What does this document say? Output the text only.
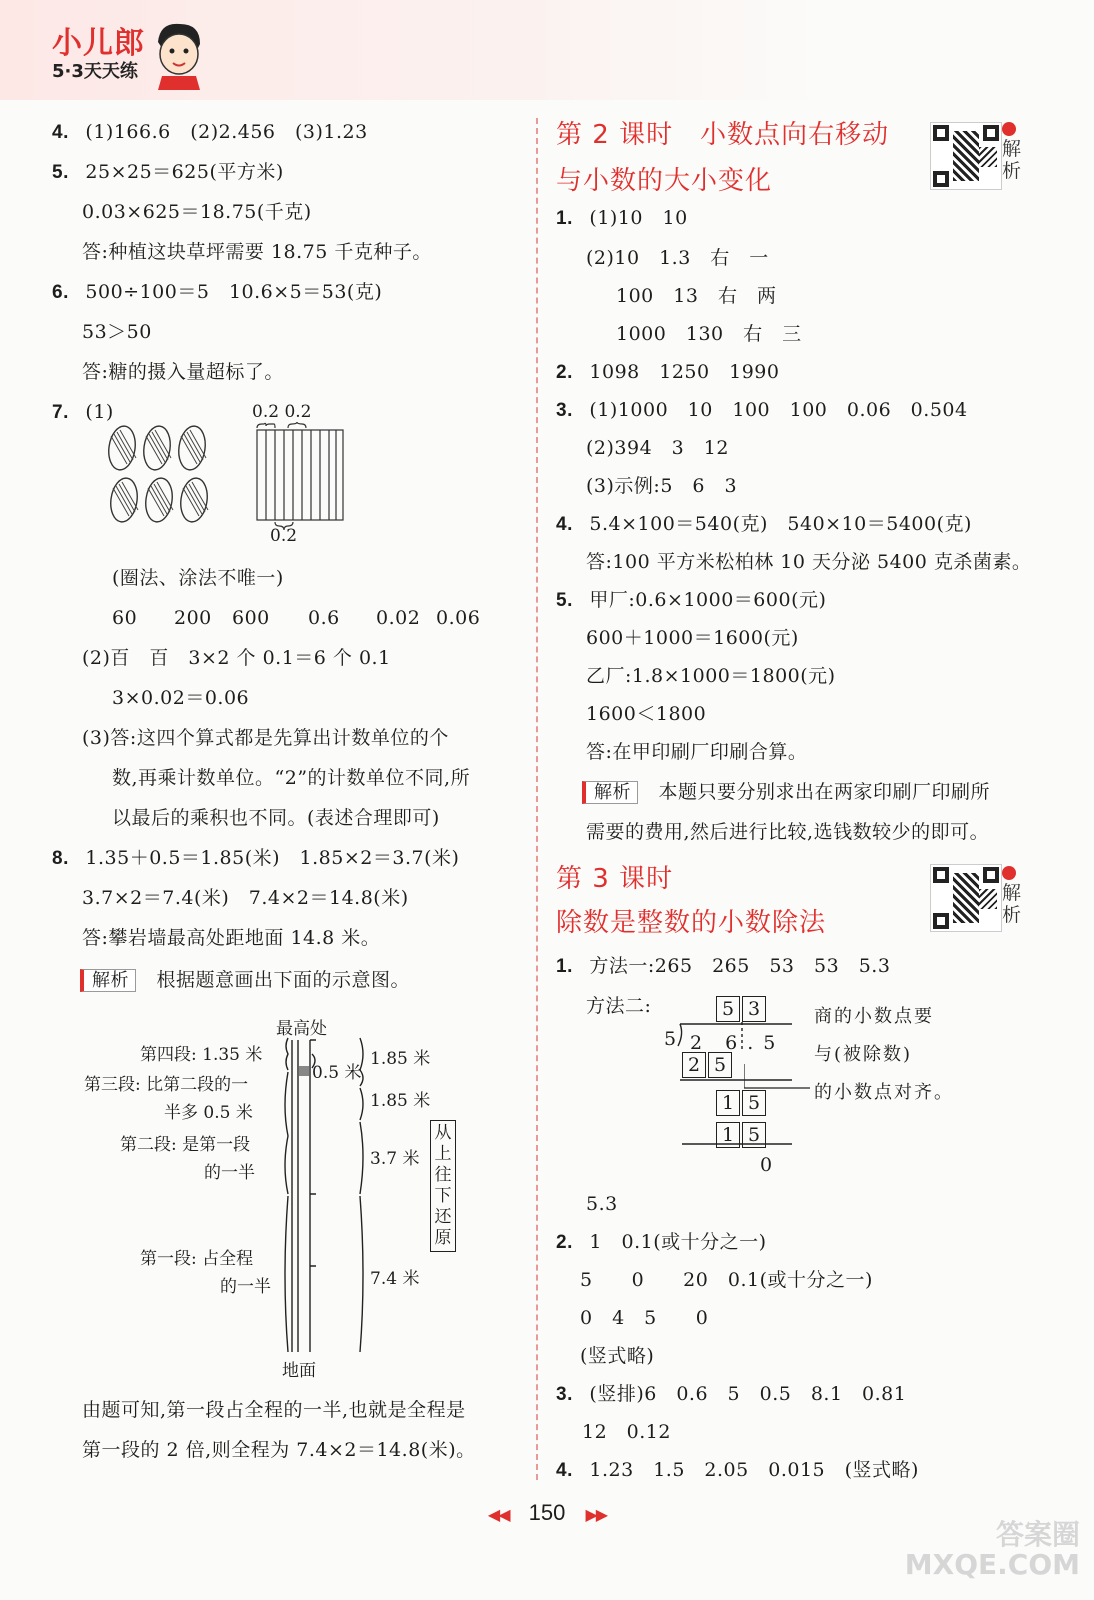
小儿郎
5·3天天练
4. (1)166.6　(2)2.456　(3)1.23
5. 25×25＝625(平方米)
0.03×625＝18.75(千克)
答:种植这块草坪需要 18.75 千克种子。
6. 500÷100＝5　10.6×5＝53(克)
53＞50
答:糖的摄入量超标了。
7. (1)	0.2 0.2
0.2
(圈法、涂法不唯一)
60 200 600 0.6 0.02 0.06
(2)百　百　3×2 个 0.1＝6 个 0.1
3×0.02＝0.06
(3)答:这四个算式都是先算出计数单位的个
数,再乘计数单位。“2”的计数单位不同,所
以最后的乘积也不同。(表述合理即可)
8. 1.35＋0.5＝1.85(米)　1.85×2＝3.7(米)
3.7×2＝7.4(米)　7.4×2＝14.8(米)
答:攀岩墙最高处距地面 14.8 米。
解析 根据题意画出下面的示意图。
最高处
第四段: 1.35 米
第三段: 比第二段的一
半多 0.5 米
第二段: 是第一段
的一半
第一段: 占全程
的一半
0.5 米
1.85 米
1.85 米
3.7 米
7.4 米
从
上
往
下
还
原
地面
由题可知,第一段占全程的一半,也就是全程是
第一段的 2 倍,则全程为 7.4×2＝14.8(米)。
第 2 课时　小数点向右移动
与小数的大小变化
解析
1. (1)10　10
(2)10　1.3　右　一
100　13　右　两
1000　130　右　三
2. 1098　1250　1990
3. (1)1000　10　100　100　0.06　0.504
(2)394　3　12
(3)示例:5　6　3
4. 5.4×100＝540(克)　540×10＝5400(克)
答:100 平方米松柏林 10 天分泌 5400 克杀菌素。
5. 甲厂:0.6×1000＝600(元)
600＋1000＝1600(元)
乙厂:1.8×1000＝1800(元)
1600＜1800
答:在甲印刷厂印刷合算。
解析 本题只要分别求出在两家印刷厂印刷所
需要的费用,然后进行比较,选钱数较少的即可。
第 3 课时
除数是整数的小数除法
解析
1. 方法一:265　265　53　53　5.3
方法二:	5 3
5 2　6 . 5
2 5
1 5
1 5
0
商的小数点要
与(被除数)
的小数点对齐。
5.3
2. 1　0.1(或十分之一)
5　　0　　20　0.1(或十分之一)
0　4　5　　0
(竖式略)
3. (竖排)6　0.6　5　0.5　8.1　0.81
12　0.12
4. 1.23　1.5　2.05　0.015　(竖式略)
◀◀ 150 ▶▶
答案圈 MXQE.COM
